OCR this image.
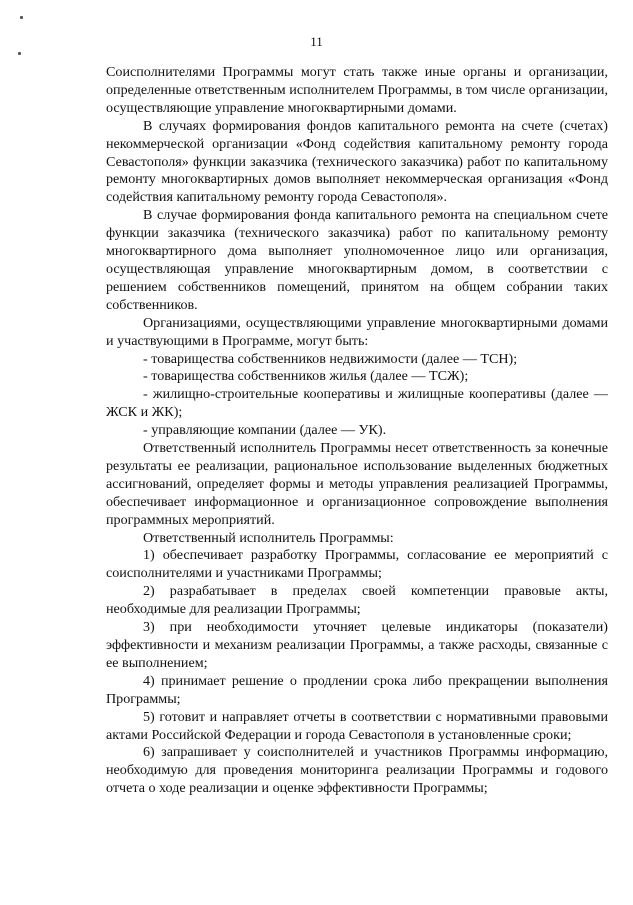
11

Соисполнителями Программы могут стать также иные органы и организации, определенные ответственным исполнителем Программы, в том числе организации, осуществляющие управление многоквартирными домами.

В случаях формирования фондов капитального ремонта на счете (счетах) некоммерческой организации «Фонд содействия капитальному ремонту города Севастополя» функции заказчика (технического заказчика) работ по капитальному ремонту многоквартирных домов выполняет некоммерческая организация «Фонд содействия капитальному ремонту города Севастополя».

В случае формирования фонда капитального ремонта на специальном счете функции заказчика (технического заказчика) работ по капитальному ремонту многоквартирного дома выполняет уполномоченное лицо или организация, осуществляющая управление многоквартирным домом, в соответствии с решением собственников помещений, принятом на общем собрании таких собственников.

Организациями, осуществляющими управление многоквартирными домами и участвующими в Программе, могут быть:

- товарищества собственников недвижимости (далее — ТСН);

- товарищества собственников жилья (далее — ТСЖ);

- жилищно-строительные кооперативы и жилищные кооперативы (далее — ЖСК и ЖК);

- управляющие компании (далее — УК).

Ответственный исполнитель Программы несет ответственность за конечные результаты ее реализации, рациональное использование выделенных бюджетных ассигнований, определяет формы и методы управления реализацией Программы, обеспечивает информационное и организационное сопровождение выполнения программных мероприятий.

Ответственный исполнитель Программы:

1) обеспечивает разработку Программы, согласование ее мероприятий с соисполнителями и участниками Программы;

2) разрабатывает в пределах своей компетенции правовые акты, необходимые для реализации Программы;

3) при необходимости уточняет целевые индикаторы (показатели) эффективности и механизм реализации Программы, а также расходы, связанные с ее выполнением;

4) принимает решение о продлении срока либо прекращении выполнения Программы;

5) готовит и направляет отчеты в соответствии с нормативными правовыми актами Российской Федерации и города Севастополя в установленные сроки;

6) запрашивает у соисполнителей и участников Программы информацию, необходимую для проведения мониторинга реализации Программы и годового отчета о ходе реализации и оценке эффективности Программы;
